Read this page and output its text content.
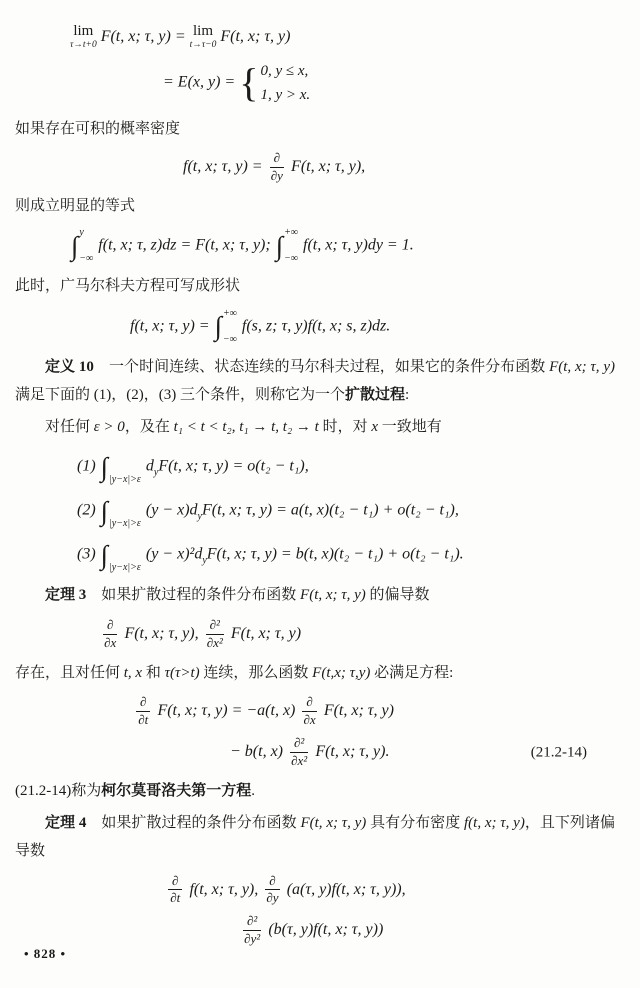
lim
τ→t+0
F(t, x; τ, y) = lim
t→τ−0
F(t, x; τ, y)
= E(x, y) = { 0, y ≤ x,
1, y > x.
如果存在可积的概率密度
f(t, x; τ, $y) = \frac{\partial}{\partial y} F(t$, x; τ, y),
则成立明显的等式
∫ y
−∞
f(t, x; τ, z)dz = F(t, x; τ, y); ∫ +∞
−∞
f(t, x; τ, y)dy = 1.
此时，广马尔科夫方程可写成形状
f(t, x; τ, y) = ∫ +∞
−∞
f(s, z; τ, y)f(t, x; s, z)dz.
定义 10　一个时间连续、状态连续的马尔科夫过程，如果它的条件分布函数 F(t, x; τ, y) 满足下面的 (1)，(2)，(3) 三个条件，则称它为一个扩散过程:
对任何 ε > 0，及在 t₁ < t < t₂, t₁ → t, t₂ → t 时，对 x 一致地有
(1) ∫
|y−x|>ε
$d_yF(t$, x; τ, y) = o(t₂ − t₁),
(2) ∫
|y−x|>ε
$(y - x)d_yF(t$, x; τ, y) = a(t, x)(t₂ − t₁) + o(t₂ − t₁),
(3) ∫
|y−x|>ε
$(y - x)^2d_yF(t$, x; τ, y) = b(t, x)(t₂ − t₁) + o(t₂ − t₁).
定理 3　如果扩散过程的条件分布函数 F(t, x; τ, y) 的偏导数
$\frac{\partial}{\partial x} F(t$, x; τ, y), $\frac{\text{∂²}}{\text{∂x²}} F(t$, x; τ, y)
存在，且对任何 t, x 和 τ(τ>t) 连续，那么函数 F(t,x; τ,y) 必满足方程:
$\frac{\partial}{\partial t} F(t$, x; τ, y) = −a(t, $x) \frac{\partial}{\partial x} F(t$, x; τ, y)
− b(t, $x) \frac{\text{∂²}}{\text{∂x²}} F(t$, x; τ, y).	(21.2-14)
(21.2-14)称为柯尔莫哥洛夫第一方程.
定理 4　如果扩散过程的条件分布函数 F(t, x; τ, y) 具有分布密度 f(t, x; τ, y)，且下列诸偏导数
$\frac{\partial}{\partial t} f(t$, x; τ, y), $\frac{\partial}{\partial y} (a(\tau$, y)f(t, x; τ, y)),
$\frac{\text{∂²}}{\text{∂y²}} (b(\tau$, y)f(t, x; τ, y))
• 828 •
